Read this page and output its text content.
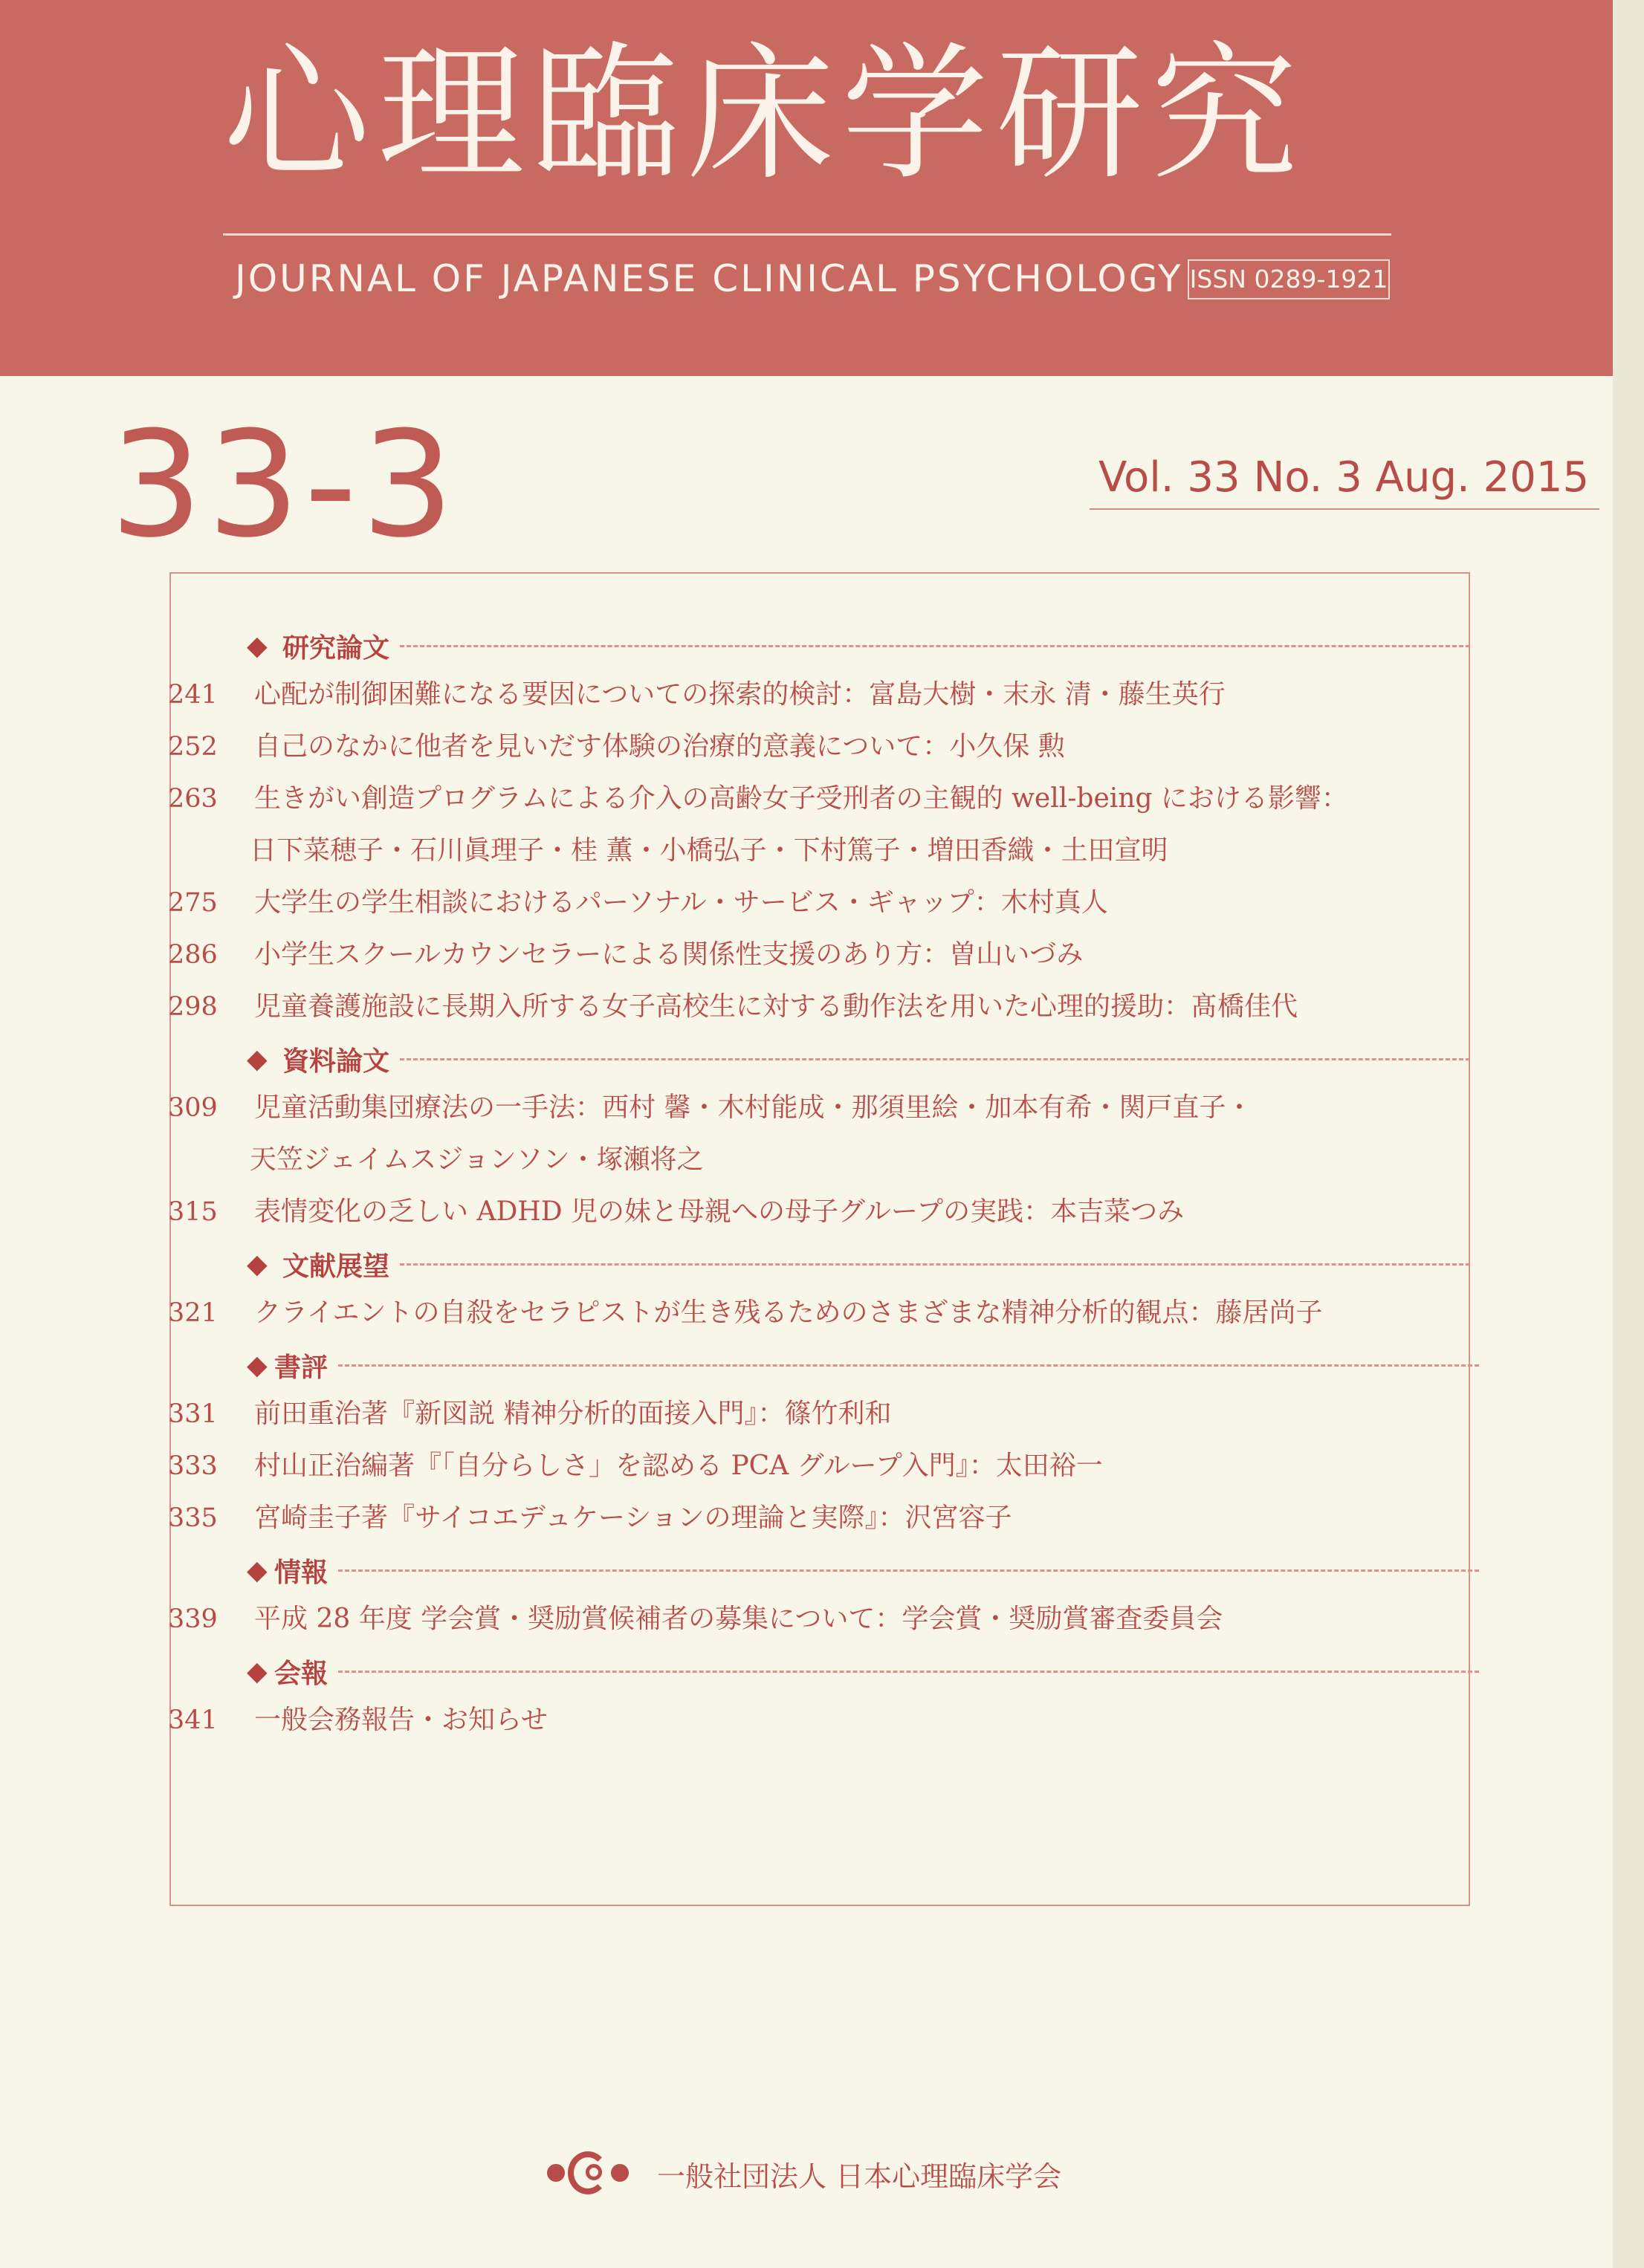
心理臨床学研究
JOURNAL OF JAPANESE CLINICAL PSYCHOLOGY ISSN 0289-1921
33-3	Vol. 33 No. 3 Aug. 2015
◆ 研究論文
241	心配が制御困難になる要因についての探索的検討：富島大樹・末永 清・藤生英行
252	自己のなかに他者を見いだす体験の治療的意義について：小久保 勲
263	生きがい創造プログラムによる介入の高齢女子受刑者の主観的 well-being における影響：
日下菜穂子・石川眞理子・桂 薫・小橋弘子・下村篤子・増田香織・土田宣明
275	大学生の学生相談におけるパーソナル・サービス・ギャップ：木村真人
286	小学生スクールカウンセラーによる関係性支援のあり方：曽山いづみ
298	児童養護施設に長期入所する女子高校生に対する動作法を用いた心理的援助：髙橋佳代
◆ 資料論文
309	児童活動集団療法の一手法：西村 馨・木村能成・那須里絵・加本有希・関戸直子・
天笠ジェイムスジョンソン・塚瀬将之
315	表情変化の乏しい ADHD 児の妹と母親への母子グループの実践：本吉菜つみ
◆ 文献展望
321	クライエントの自殺をセラピストが生き残るためのさまざまな精神分析的観点：藤居尚子
◆ 書評
331	前田重治著『新図説 精神分析的面接入門』：篠竹利和
333	村山正治編著『「自分らしさ」を認める PCA グループ入門』：太田裕一
335	宮崎圭子著『サイコエデュケーションの理論と実際』：沢宮容子
◆ 情報
339	平成 28 年度 学会賞・奨励賞候補者の募集について：学会賞・奨励賞審査委員会
◆ 会報
341	一般会務報告・お知らせ
一般社団法人 日本心理臨床学会
